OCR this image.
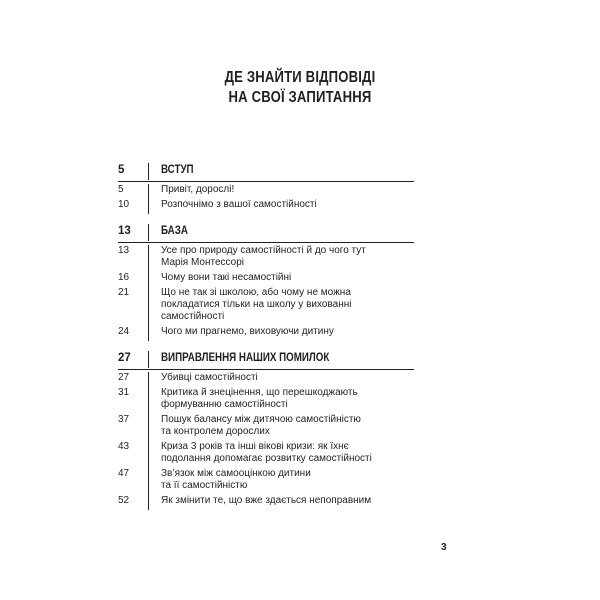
ДЕ ЗНАЙТИ ВІДПОВІДІ
НА СВОЇ ЗАПИТАННЯ
5	ВСТУП
5	Привіт, дорослі!
10	Розпочнімо з вашої самостійності
13	БАЗА
13	Усе про природу самостійності й до чого тут
Марія Монтессорі
16	Чому вони такі несамостійні
21	Що не так зі школою, або чому не можна
покладатися тільки на школу у вихованні
самостійності
24	Чого ми прагнемо, виховуючи дитину
27	ВИПРАВЛЕННЯ НАШИХ ПОМИЛОК
27	Убивці самостійності
31	Критика й знецінення, що перешкоджають
формуванню самостійності
37	Пошук балансу між дитячою самостійністю
та контролем дорослих
43	Криза 3 років та інші вікові кризи: як їхнє
подолання допомагає розвитку самостійності
47	Зв’язок між самооцінкою дитини
та її самостійністю
52	Як змінити те, що вже здається непоправним
3
